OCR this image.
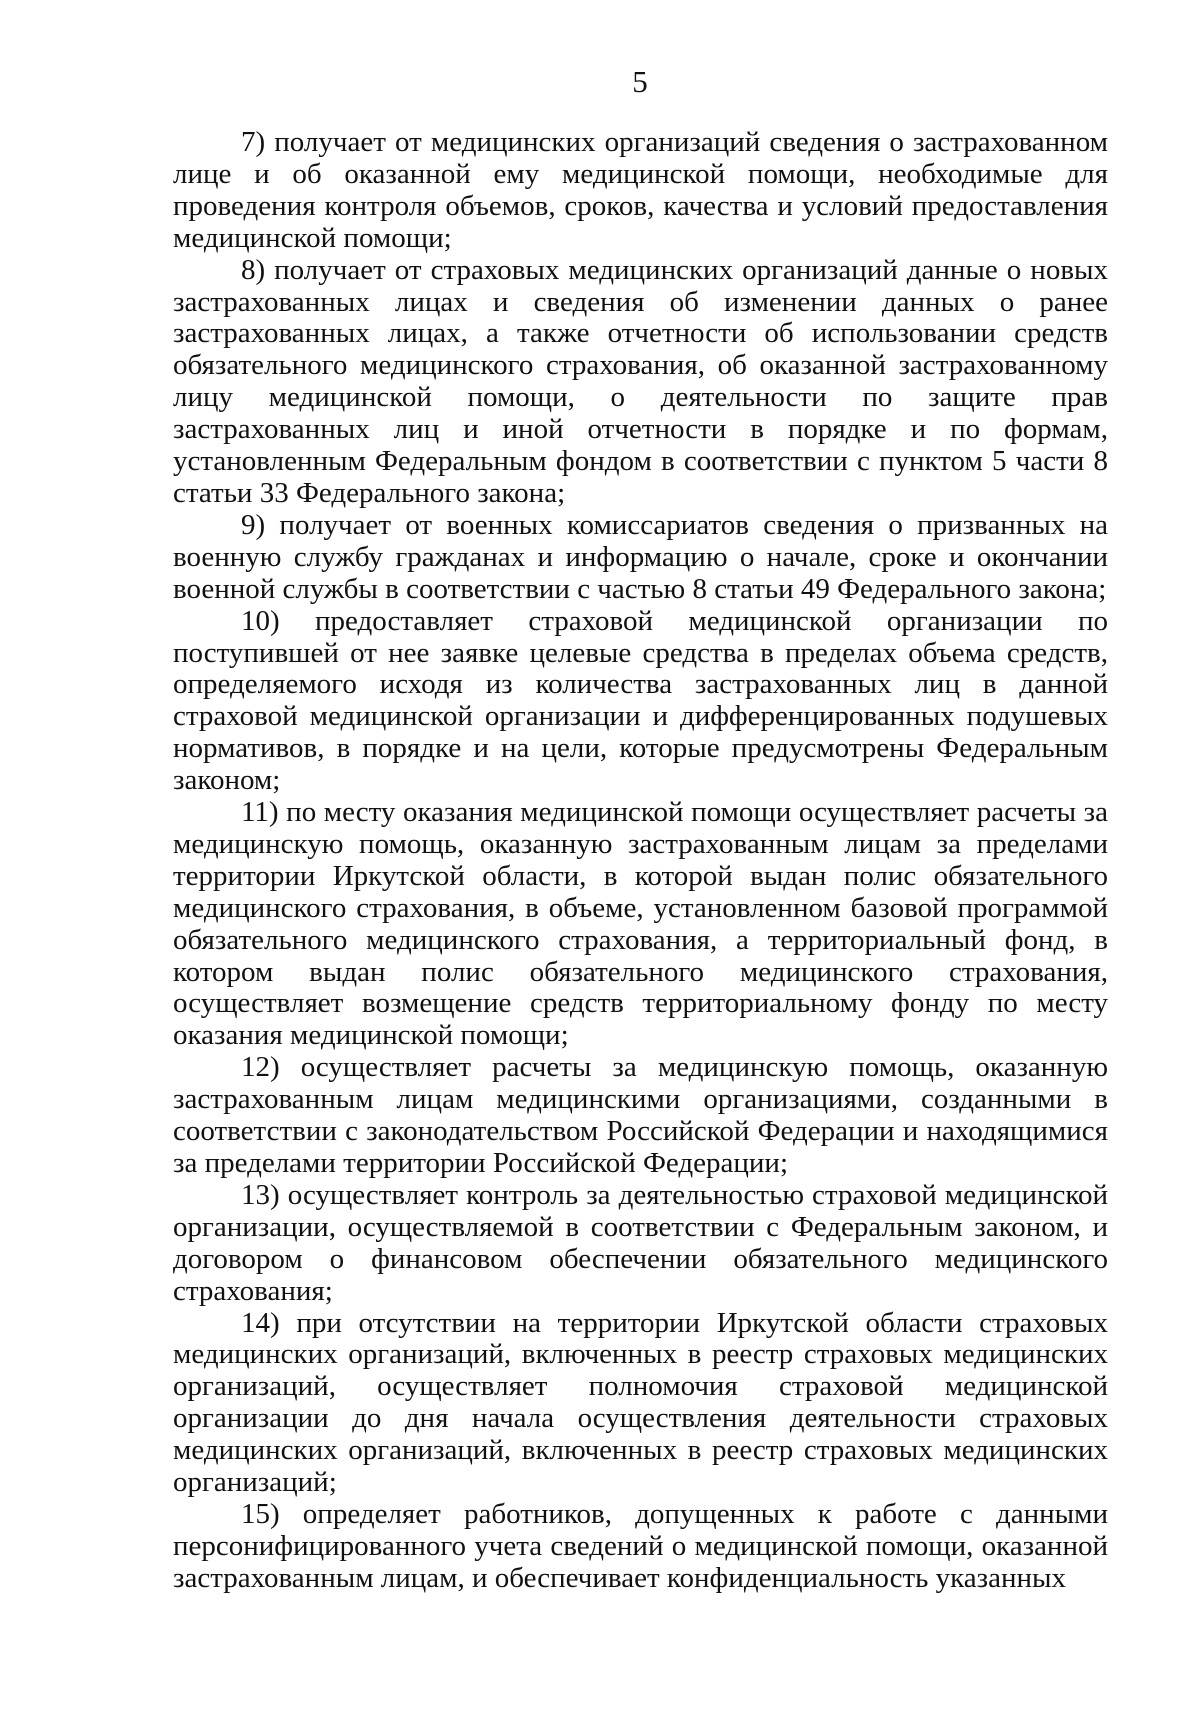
5

7) получает от медицинских организаций сведения о застрахованном лице и об оказанной ему медицинской помощи, необходимые для проведения контроля объемов, сроков, качества и условий предоставления медицинской помощи;

8) получает от страховых медицинских организаций данные о новых застрахованных лицах и сведения об изменении данных о ранее застрахованных лицах, а также отчетности об использовании средств обязательного медицинского страхования, об оказанной застрахованному лицу медицинской помощи, о деятельности по защите прав застрахованных лиц и иной отчетности в порядке и по формам, установленным Федеральным фондом в соответствии с пунктом 5 части 8 статьи 33 Федерального закона;

9) получает от военных комиссариатов сведения о призванных на военную службу гражданах и информацию о начале, сроке и окончании военной службы в соответствии с частью 8 статьи 49 Федерального закона;

10) предоставляет страховой медицинской организации по поступившей от нее заявке целевые средства в пределах объема средств, определяемого исходя из количества застрахованных лиц в данной страховой медицинской организации и дифференцированных подушевых нормативов, в порядке и на цели, которые предусмотрены Федеральным законом;

11) по месту оказания медицинской помощи осуществляет расчеты за медицинскую помощь, оказанную застрахованным лицам за пределами территории Иркутской области, в которой выдан полис обязательного медицинского страхования, в объеме, установленном базовой программой обязательного медицинского страхования, а территориальный фонд, в котором выдан полис обязательного медицинского страхования, осуществляет возмещение средств территориальному фонду по месту оказания медицинской помощи;

12) осуществляет расчеты за медицинскую помощь, оказанную застрахованным лицам медицинскими организациями, созданными в соответствии с законодательством Российской Федерации и находящимися за пределами территории Российской Федерации;

13) осуществляет контроль за деятельностью страховой медицинской организации, осуществляемой в соответствии с Федеральным законом, и договором о финансовом обеспечении обязательного медицинского страхования;

14) при отсутствии на территории Иркутской области страховых медицинских организаций, включенных в реестр страховых медицинских организаций, осуществляет полномочия страховой медицинской организации до дня начала осуществления деятельности страховых медицинских организаций, включенных в реестр страховых медицинских организаций;

15) определяет работников, допущенных к работе с данными персонифицированного учета сведений о медицинской помощи, оказанной застрахованным лицам, и обеспечивает конфиденциальность указанных
